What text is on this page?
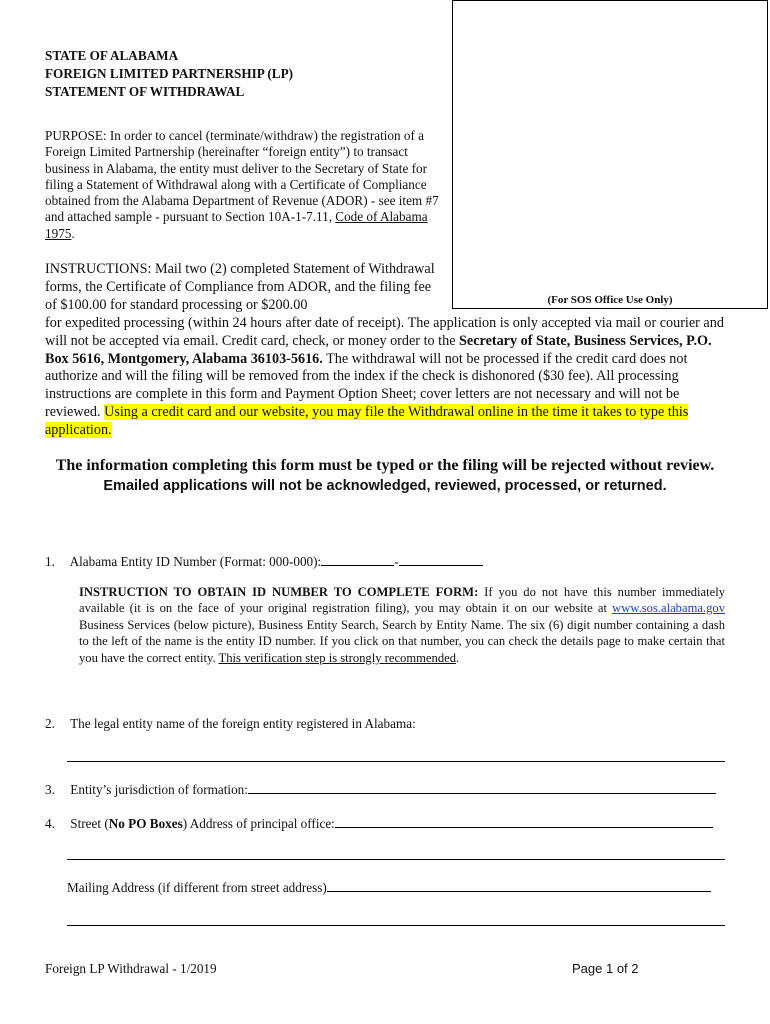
(For SOS Office Use Only)
STATE OF ALABAMA
FOREIGN LIMITED PARTNERSHIP (LP)
STATEMENT OF WITHDRAWAL
PURPOSE: In order to cancel (terminate/withdraw) the registration of a Foreign Limited Partnership (hereinafter “foreign entity”) to transact business in Alabama, the entity must deliver to the Secretary of State for filing a Statement of Withdrawal along with a Certificate of Compliance obtained from the Alabama Department of Revenue (ADOR) - see item #7 and attached sample - pursuant to Section 10A-1-7.11, Code of Alabama 1975.
INSTRUCTIONS: Mail two (2) completed Statement of Withdrawal forms, the Certificate of Compliance from ADOR, and the filing fee of $100.00 for standard processing or $200.00
for expedited processing (within 24 hours after date of receipt). The application is only accepted via mail or courier and will not be accepted via email. Credit card, check, or money order to the Secretary of State, Business Services, P.O. Box 5616, Montgomery, Alabama 36103-5616. The withdrawal will not be processed if the credit card does not authorize and will the filing will be removed from the index if the check is dishonored ($30 fee). All processing instructions are complete in this form and Payment Option Sheet; cover letters are not necessary and will not be reviewed. Using a credit card and our website, you may file the Withdrawal online in the time it takes to type this application.
The information completing this form must be typed or the filing will be rejected without review.
Emailed applications will not be acknowledged, reviewed, processed, or returned.
1. Alabama Entity ID Number (Format: 000-000):	-
INSTRUCTION TO OBTAIN ID NUMBER TO COMPLETE FORM: If you do not have this number immediately available (it is on the face of your original registration filing), you may obtain it on our website at www.sos.alabama.gov Business Services (below picture), Business Entity Search, Search by Entity Name. The six (6) digit number containing a dash to the left of the name is the entity ID number. If you click on that number, you can check the details page to make certain that you have the correct entity. This verification step is strongly recommended.
2. The legal entity name of the foreign entity registered in Alabama:
3. Entity’s jurisdiction of formation:
4. Street (No PO Boxes) Address of principal office:
Mailing Address (if different from street address)
Foreign LP Withdrawal - 1/2019	Page 1 of 2
